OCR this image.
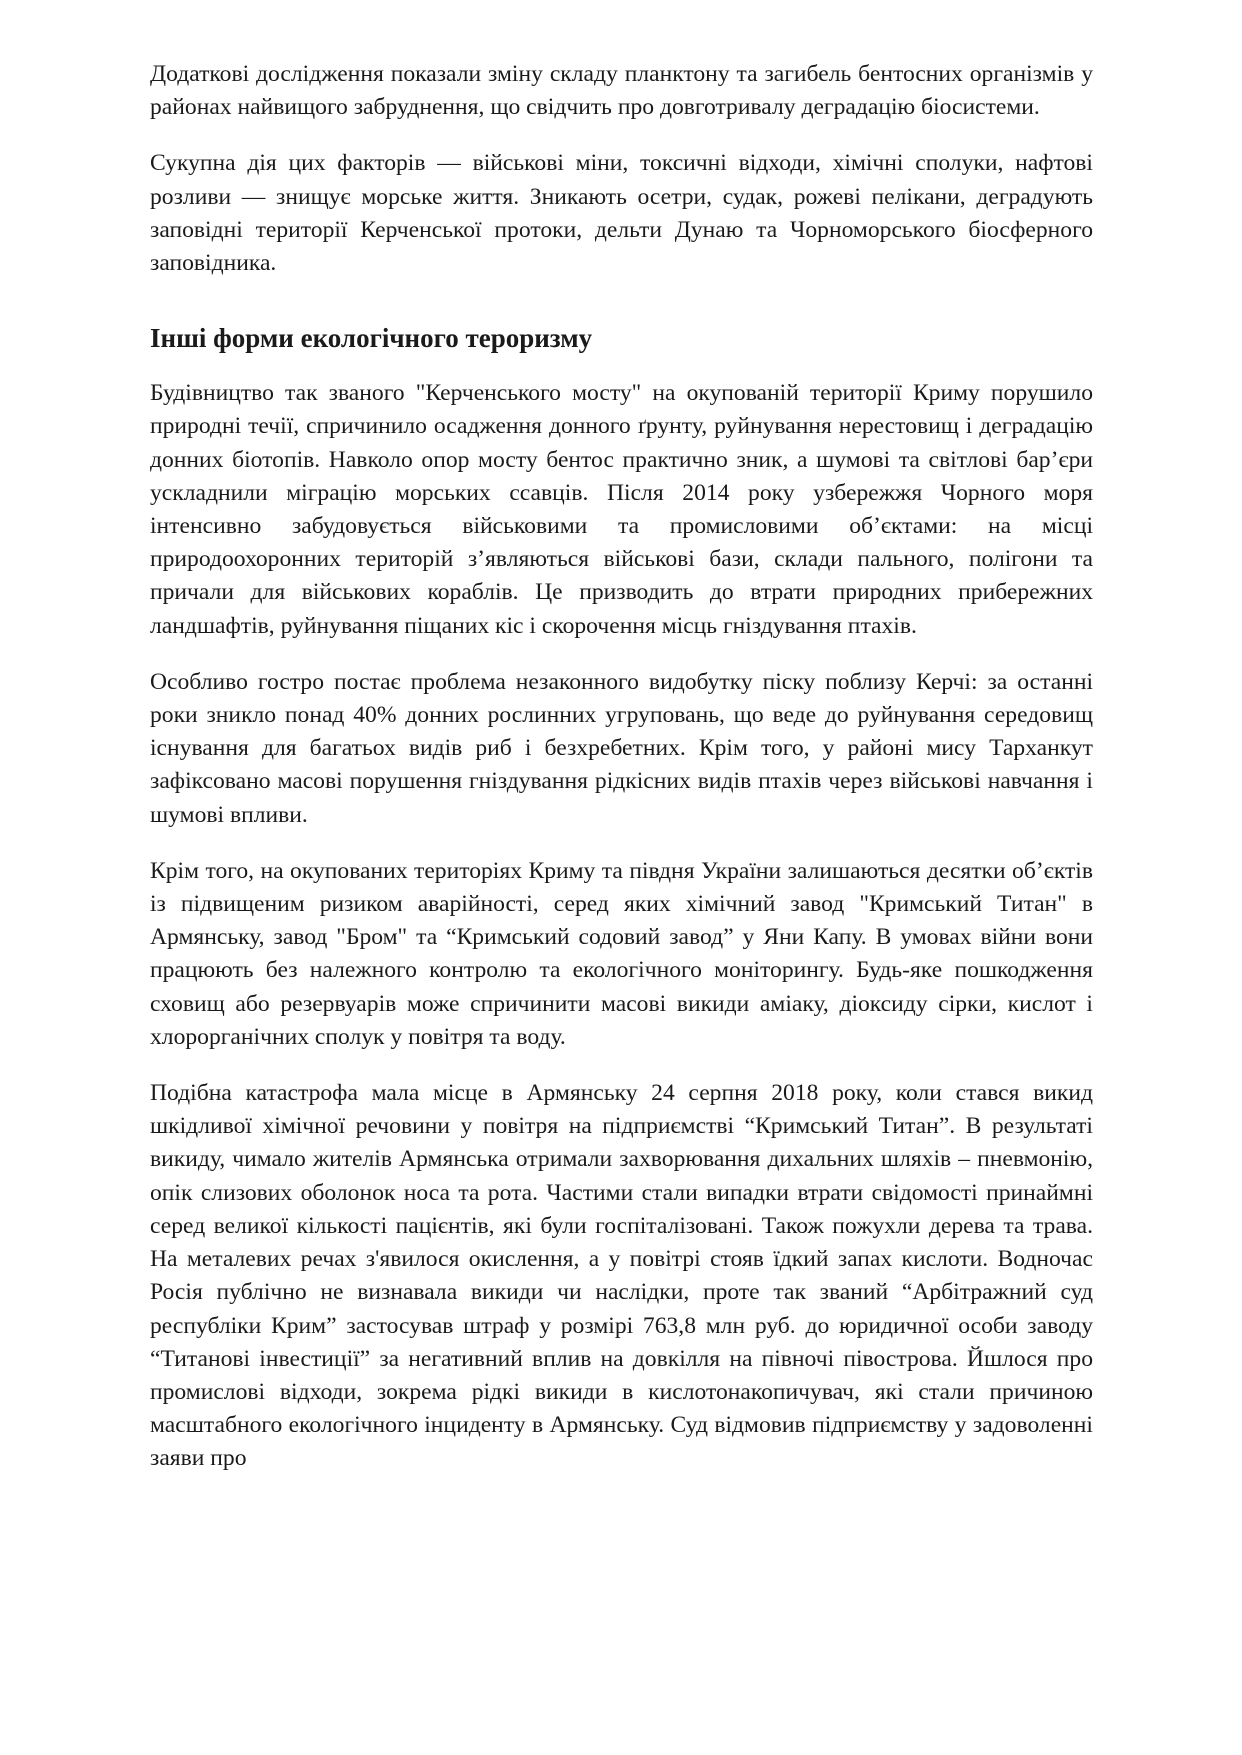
Додаткові дослідження показали зміну складу планктону та загибель бентосних організмів у районах найвищого забруднення, що свідчить про довготривалу деградацію біосистеми.

Сукупна дія цих факторів — військові міни, токсичні відходи, хімічні сполуки, нафтові розливи — знищує морське життя. Зникають осетри, судак, рожеві пелікани, деградують заповідні території Керченської протоки, дельти Дунаю та Чорноморського біосферного заповідника.

Інші форми екологічного тероризму

Будівництво так званого "Керченського мосту" на окупованій території Криму порушило природні течії, спричинило осадження донного ґрунту, руйнування нерестовищ і деградацію донних біотопів. Навколо опор мосту бентос практично зник, а шумові та світлові бар’єри ускладнили міграцію морських ссавців. Після 2014 року узбережжя Чорного моря інтенсивно забудовується військовими та промисловими об’єктами: на місці природоохоронних територій з’являються військові бази, склади пального, полігони та причали для військових кораблів. Це призводить до втрати природних прибережних ландшафтів, руйнування піщаних кіс і скорочення місць гніздування птахів.

Особливо гостро постає проблема незаконного видобутку піску поблизу Керчі: за останні роки зникло понад 40% донних рослинних угруповань, що веде до руйнування середовищ існування для багатьох видів риб і безхребетних. Крім того, у районі мису Тарханкут зафіксовано масові порушення гніздування рідкісних видів птахів через військові навчання і шумові впливи.

Крім того, на окупованих територіях Криму та півдня України залишаються десятки об’єктів із підвищеним ризиком аварійності, серед яких хімічний завод "Кримський Титан" в Армянську, завод "Бром" та “Кримський содовий завод” у Яни Капу. В умовах війни вони працюють без належного контролю та екологічного моніторингу. Будь-яке пошкодження сховищ або резервуарів може спричинити масові викиди аміаку, діоксиду сірки, кислот і хлорорганічних сполук у повітря та воду.

Подібна катастрофа мала місце в Армянську 24 серпня 2018 року, коли стався викид шкідливої хімічної речовини у повітря на підприємстві “Кримський Титан”. В результаті викиду, чимало жителів Армянська отримали захворювання дихальних шляхів – пневмонію, опік слизових оболонок носа та рота. Частими стали випадки втрати свідомості принаймні серед великої кількості пацієнтів, які були госпіталізовані. Також пожухли дерева та трава. На металевих речах з'явилося окислення, а у повітрі стояв їдкий запах кислоти. Водночас Росія публічно не визнавала викиди чи наслідки, проте так званий “Арбітражний суд республіки Крим” застосував штраф у розмірі 763,8 млн руб. до юридичної особи заводу “Титанові інвестиції” за негативний вплив на довкілля на півночі півострова. Йшлося про промислові відходи, зокрема рідкі викиди в кислотонакопичувач, які стали причиною масштабного екологічного інциденту в Армянську. Суд відмовив підприємству у задоволенні заяви про
